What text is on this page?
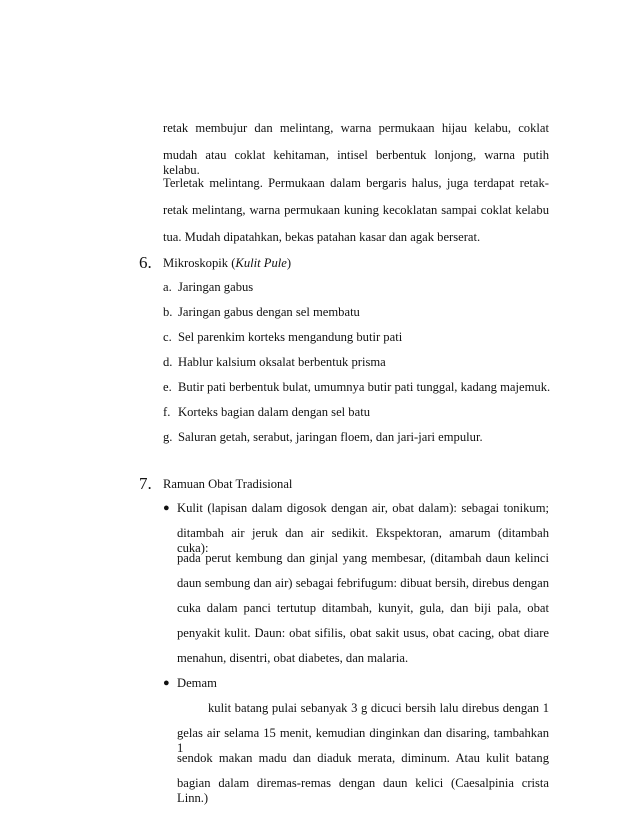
retak membujur dan melintang, warna permukaan hijau kelabu, coklat
mudah atau coklat kehitaman, intisel berbentuk lonjong, warna putih kelabu.
Terletak melintang. Permukaan dalam bergaris halus, juga terdapat retak-
retak melintang, warna permukaan kuning kecoklatan sampai coklat kelabu
tua. Mudah dipatahkan, bekas patahan kasar dan agak berserat.
6. Mikroskopik (Kulit Pule)
a. Jaringan gabus
b. Jaringan gabus dengan sel membatu
c. Sel parenkim korteks mengandung butir pati
d. Hablur kalsium oksalat berbentuk prisma
e. Butir pati berbentuk bulat, umumnya butir pati tunggal, kadang majemuk.
f. Korteks bagian dalam dengan sel batu
g. Saluran getah, serabut, jaringan floem, dan jari-jari empulur.
7. Ramuan Obat Tradisional
● Kulit (lapisan dalam digosok dengan air, obat dalam): sebagai tonikum;
ditambah air jeruk dan air sedikit. Ekspektoran, amarum (ditambah cuka):
pada perut kembung dan ginjal yang membesar, (ditambah daun kelinci
daun sembung dan air) sebagai febrifugum: dibuat bersih, direbus dengan
cuka dalam panci tertutup ditambah, kunyit, gula, dan biji pala, obat
penyakit kulit. Daun: obat sifilis, obat sakit usus, obat cacing, obat diare
menahun, disentri, obat diabetes, dan malaria.
● Demam
kulit batang pulai sebanyak 3 g dicuci bersih lalu direbus dengan 1
gelas air selama 15 menit, kemudian dinginkan dan disaring, tambahkan 1
sendok makan madu dan diaduk merata, diminum. Atau kulit batang
bagian dalam diremas-remas dengan daun kelici (Caesalpinia crista Linn.)
